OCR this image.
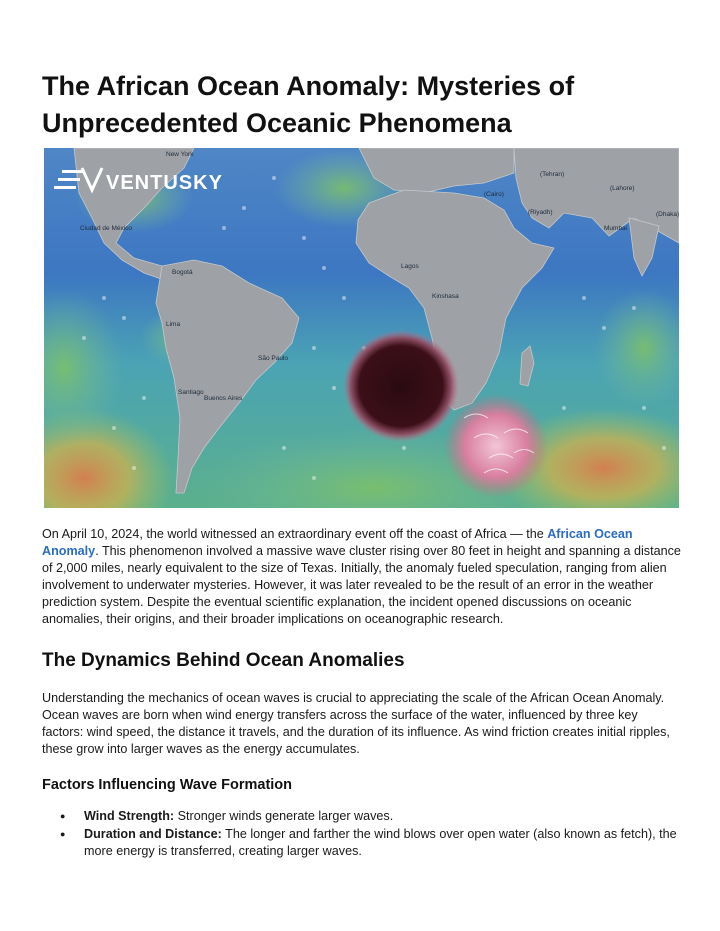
The African Ocean Anomaly: Mysteries of Unprecedented Oceanic Phenomena
VENTUSKY
New York
Ciudad de México
Bogotá
Lima
São Paulo
Santiago
Buenos Aires
Lagos
Kinshasa
(Riyadh)
Mumbai
(Dhaka)
(Lahore)
(Tehran)
(Cairo)

On April 10, 2024, the world witnessed an extraordinary event off the coast of Africa — the African Ocean Anomaly. This phenomenon involved a massive wave cluster rising over 80 feet in height and spanning a distance of 2,000 miles, nearly equivalent to the size of Texas. Initially, the anomaly fueled speculation, ranging from alien involvement to underwater mysteries. However, it was later revealed to be the result of an error in the weather prediction system. Despite the eventual scientific explanation, the incident opened discussions on oceanic anomalies, their origins, and their broader implications on oceanographic research.

The Dynamics Behind Ocean Anomalies

Understanding the mechanics of ocean waves is crucial to appreciating the scale of the African Ocean Anomaly. Ocean waves are born when wind energy transfers across the surface of the water, influenced by three key factors: wind speed, the distance it travels, and the duration of its influence. As wind friction creates initial ripples, these grow into larger waves as the energy accumulates.

Factors Influencing Wave Formation
● Wind Strength: Stronger winds generate larger waves.
● Duration and Distance: The longer and farther the wind blows over open water (also known as fetch), the more energy is transferred, creating larger waves.
